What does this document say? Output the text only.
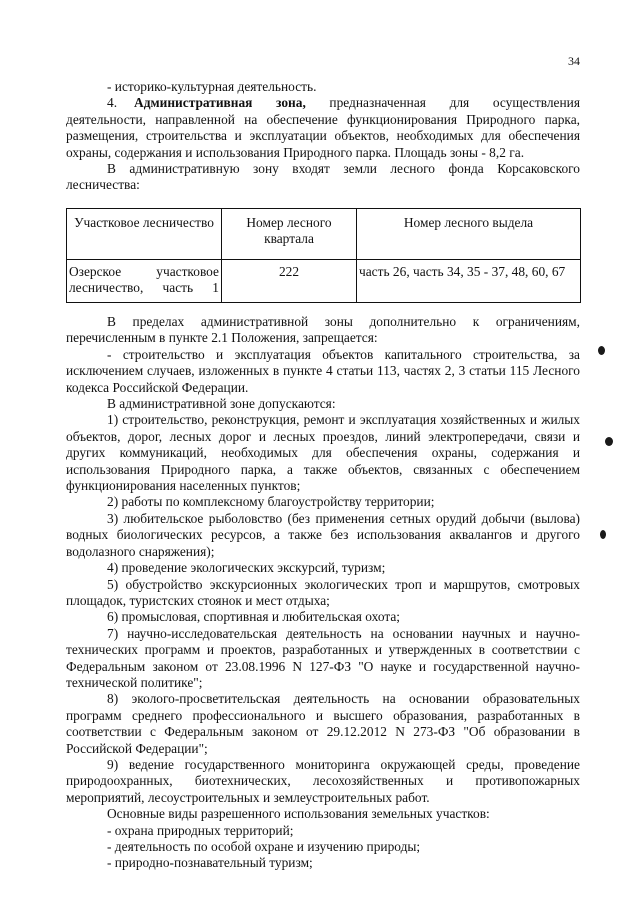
34

- историко-культурная деятельность.

4. Административная зона, предназначенная для осуществления деятельности, направленной на обеспечение функционирования Природного парка, размещения, строительства и эксплуатации объектов, необходимых для обеспечения охраны, содержания и использования Природного парка. Площадь зоны - 8,2 га.

В административную зону входят земли лесного фонда Корсаковского лесничества:

Участковое лесничество	Номер лесного квартала	Номер лесного выдела
Озерское участковое лесничество, часть 1	222	часть 26, часть 34, 35 - 37, 48, 60, 67

В пределах административной зоны дополнительно к ограничениям, перечисленным в пункте 2.1 Положения, запрещается:

- строительство и эксплуатация объектов капитального строительства, за исключением случаев, изложенных в пункте 4 статьи 113, частях 2, 3 статьи 115 Лесного кодекса Российской Федерации.

В административной зоне допускаются:

1) строительство, реконструкция, ремонт и эксплуатация хозяйственных и жилых объектов, дорог, лесных дорог и лесных проездов, линий электропередачи, связи и других коммуникаций, необходимых для обеспечения охраны, содержания и использования Природного парка, а также объектов, связанных с обеспечением функционирования населенных пунктов;

2) работы по комплексному благоустройству территории;

3) любительское рыболовство (без применения сетных орудий добычи (вылова) водных биологических ресурсов, а также без использования аквалангов и другого водолазного снаряжения);

4) проведение экологических экскурсий, туризм;

5) обустройство экскурсионных экологических троп и маршрутов, смотровых площадок, туристских стоянок и мест отдыха;

6) промысловая, спортивная и любительская охота;

7) научно-исследовательская деятельность на основании научных и научно-технических программ и проектов, разработанных и утвержденных в соответствии с Федеральным законом от 23.08.1996 N 127-ФЗ "О науке и государственной научно-технической политике";

8) эколого-просветительская деятельность на основании образовательных программ среднего профессионального и высшего образования, разработанных в соответствии с Федеральным законом от 29.12.2012 N 273-ФЗ "Об образовании в Российской Федерации";

9) ведение государственного мониторинга окружающей среды, проведение природоохранных, биотехнических, лесохозяйственных и противопожарных мероприятий, лесоустроительных и землеустроительных работ.

Основные виды разрешенного использования земельных участков:

- охрана природных территорий;

- деятельность по особой охране и изучению природы;

- природно-познавательный туризм;
